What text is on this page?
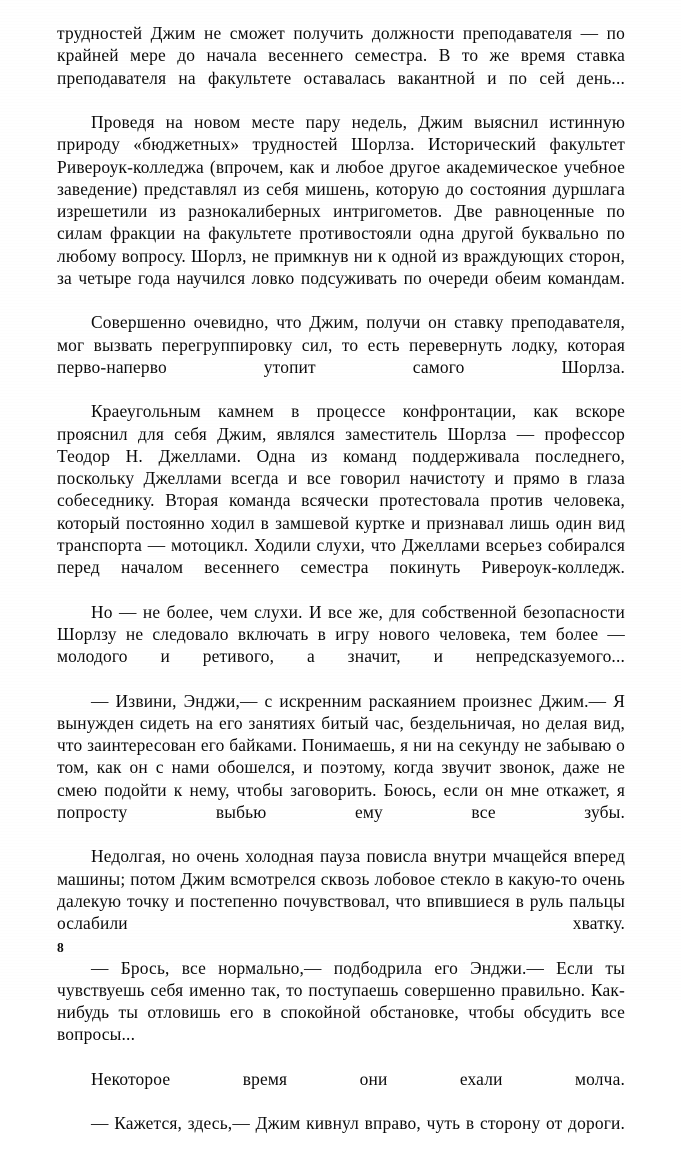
трудностей Джим не сможет получить должности преподавателя — по крайней мере до начала весеннего семестра. В то же время ставка преподавателя на факультете оставалась вакантной и по сей день...

Проведя на новом месте пару недель, Джим выяснил истинную природу «бюджетных» трудностей Шорлза. Исторический факультет Ривероук-колледжа (впрочем, как и любое другое академическое учебное заведение) представлял из себя мишень, которую до состояния дуршлага изрешетили из разнокалиберных интригометов. Две равноценные по силам фракции на факультете противостояли одна другой буквально по любому вопросу. Шорлз, не примкнув ни к одной из враждующих сторон, за четыре года научился ловко подсуживать по очереди обеим командам.

Совершенно очевидно, что Джим, получи он ставку преподавателя, мог вызвать перегруппировку сил, то есть перевернуть лодку, которая перво-наперво утопит самого Шорлза.

Краеугольным камнем в процессе конфронтации, как вскоре прояснил для себя Джим, являлся заместитель Шорлза — профессор Теодор Н. Джеллами. Одна из команд поддерживала последнего, поскольку Джеллами всегда и все говорил начистоту и прямо в глаза собеседнику. Вторая команда всячески протестовала против человека, который постоянно ходил в замшевой куртке и признавал лишь один вид транспорта — мотоцикл. Ходили слухи, что Джеллами всерьез собирался перед началом весеннего семестра покинуть Ривероук-колледж.

Но — не более, чем слухи. И все же, для собственной безопасности Шорлзу не следовало включать в игру нового человека, тем более — молодого и ретивого, а значит, и непредсказуемого...

— Извини, Энджи,— с искренним раскаянием произнес Джим.— Я вынужден сидеть на его занятиях битый час, бездельничая, но делая вид, что заинтересован его байками. Понимаешь, я ни на секунду не забываю о том, как он с нами обошелся, и поэтому, когда звучит звонок, даже не смею подойти к нему, чтобы заговорить. Боюсь, если он мне откажет, я попросту выбью ему все зубы.

Недолгая, но очень холодная пауза повисла внутри мчащейся вперед машины; потом Джим всмотрелся сквозь лобовое стекло в какую-то очень далекую точку и постепенно почувствовал, что впившиеся в руль пальцы ослабили хватку.

— Брось, все нормально,— подбодрила его Энджи.— Если ты чувствуешь себя именно так, то поступаешь совершенно правильно. Как-нибудь ты отловишь его в спокойной обстановке, чтобы обсудить все вопросы...

Некоторое время они ехали молча.

— Кажется, здесь,— Джим кивнул вправо, чуть в сторону от дороги.

8
